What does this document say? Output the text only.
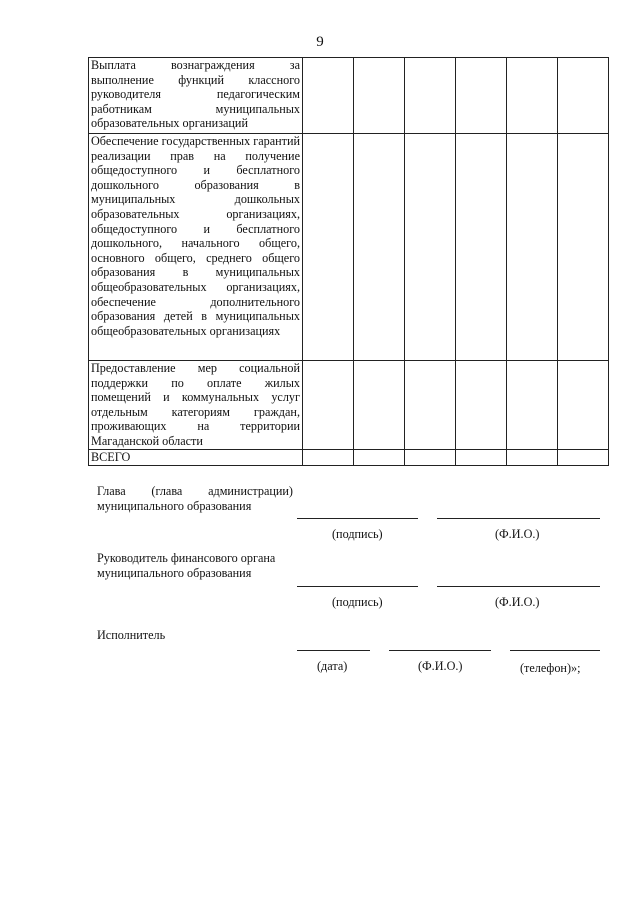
9
Выплата вознаграждения за выполнение функций классного руководителя педагогическим работникам муниципальных образовательных организаций						
Обеспечение государственных гарантий реализации прав на получение общедоступного и бесплатного дошкольного образования в муниципальных дошкольных образовательных организациях, общедоступного и бесплатного дошкольного, начального общего, основного общего, среднего общего образования в муниципальных общеобразовательных организациях, обеспечение дополнительного образования детей в муниципальных общеобразовательных организациях						
Предоставление мер социальной поддержки по оплате жилых помещений и коммунальных услуг отдельным категориям граждан, проживающих на территории Магаданской области						
ВСЕГО						
Глава (глава администрации)
муниципального образования
(подпись)	(Ф.И.О.)
Руководитель финансового органа
муниципального образования
(подпись)	(Ф.И.О.)
Исполнитель
(дата)	(Ф.И.О.)	(телефон)»;
